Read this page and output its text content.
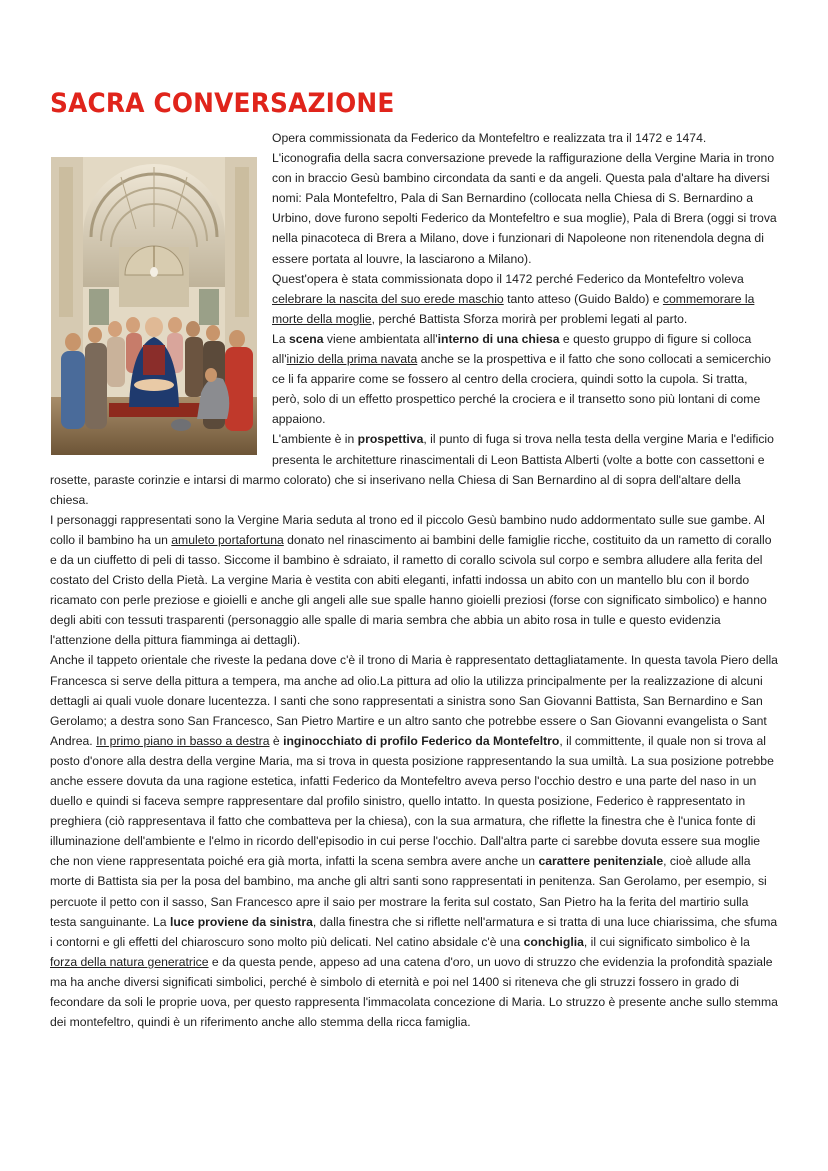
SACRA CONVERSAZIONE

Opera commissionata da Federico da Montefeltro e realizzata tra il 1472 e 1474. L'iconografia della sacra conversazione prevede la raffigurazione della Vergine Maria in trono con in braccio Gesù bambino circondata da santi e da angeli. Questa pala d'altare ha diversi nomi: Pala Montefeltro, Pala di San Bernardino (collocata nella Chiesa di S. Bernardino a Urbino, dove furono sepolti Federico da Montefeltro e sua moglie), Pala di Brera (oggi si trova nella pinacoteca di Brera a Milano, dove i funzionari di Napoleone non ritenendola degna di essere portata al louvre, la lasciarono a Milano).

Quest'opera è stata commissionata dopo il 1472 perché Federico da Montefeltro voleva celebrare la nascita del suo erede maschio tanto atteso (Guido Baldo) e commemorare la morte della moglie, perché Battista Sforza morirà per problemi legati al parto.

La scena viene ambientata all'interno di una chiesa e questo gruppo di figure si colloca all'inizio della prima navata anche se la prospettiva e il fatto che sono collocati a semicerchio ce li fa apparire come se fossero al centro della crociera, quindi sotto la cupola. Si tratta, però, solo di un effetto prospettico perché la crociera e il transetto sono più lontani di come appaiono.

L'ambiente è in prospettiva, il punto di fuga si trova nella testa della vergine Maria e l'edificio presenta le architetture rinascimentali di Leon Battista Alberti (volte a botte con cassettoni e rosette, paraste corinzie e intarsi di marmo colorato) che si inserivano nella Chiesa di San Bernardino al di sopra dell'altare della chiesa.

I personaggi rappresentati sono la Vergine Maria seduta al trono ed il piccolo Gesù bambino nudo addormentato sulle sue gambe. Al collo il bambino ha un amuleto portafortuna donato nel rinascimento ai bambini delle famiglie ricche, costituito da un rametto di corallo e da un ciuffetto di peli di tasso. Siccome il bambino è sdraiato, il rametto di corallo scivola sul corpo e sembra alludere alla ferita del costato del Cristo della Pietà. La vergine Maria è vestita con abiti eleganti, infatti indossa un abito con un mantello blu con il bordo ricamato con perle preziose e gioielli e anche gli angeli alle sue spalle hanno gioielli preziosi (forse con significato simbolico) e hanno degli abiti con tessuti trasparenti (personaggio alle spalle di maria sembra che abbia un abito rosa in tulle e questo evidenzia l'attenzione della pittura fiamminga ai dettagli).

Anche il tappeto orientale che riveste la pedana dove c'è il trono di Maria è rappresentato dettagliatamente. In questa tavola Piero della Francesca si serve della pittura a tempera, ma anche ad olio.La pittura ad olio la utilizza principalmente per la realizzazione di alcuni dettagli ai quali vuole donare lucentezza. I santi che sono rappresentati a sinistra sono San Giovanni Battista, San Bernardino e San Gerolamo; a destra sono San Francesco, San Pietro Martire e un altro santo che potrebbe essere o San Giovanni evangelista o Sant Andrea. In primo piano in basso a destra è inginocchiato di profilo Federico da Montefeltro, il committente, il quale non si trova al posto d'onore alla destra della vergine Maria, ma si trova in questa posizione rappresentando la sua umiltà. La sua posizione potrebbe anche essere dovuta da una ragione estetica, infatti Federico da Montefeltro aveva perso l'occhio destro e una parte del naso in un duello e quindi si faceva sempre rappresentare dal profilo sinistro, quello intatto. In questa posizione, Federico è rappresentato in preghiera (ciò rappresentava il fatto che combatteva per la chiesa), con la sua armatura, che riflette la finestra che è l'unica fonte di illuminazione dell'ambiente e l'elmo in ricordo dell'episodio in cui perse l'occhio. Dall'altra parte ci sarebbe dovuta essere sua moglie che non viene rappresentata poiché era già morta, infatti la scena sembra avere anche un carattere penitenziale, cioè allude alla morte di Battista sia per la posa del bambino, ma anche gli altri santi sono rappresentati in penitenza. San Gerolamo, per esempio, si percuote il petto con il sasso, San Francesco apre il saio per mostrare la ferita sul costato, San Pietro ha la ferita del martirio sulla testa sanguinante. La luce proviene da sinistra, dalla finestra che si riflette nell'armatura e si tratta di una luce chiarissima, che sfuma i contorni e gli effetti del chiaroscuro sono molto più delicati. Nel catino absidale c'è una conchiglia, il cui significato simbolico è la forza della natura generatrice e da questa pende, appeso ad una catena d'oro, un uovo di struzzo che evidenzia la profondità spaziale ma ha anche diversi significati simbolici, perché è simbolo di eternità e poi nel 1400 si riteneva che gli struzzi fossero in grado di fecondare da soli le proprie uova, per questo rappresenta l'immacolata concezione di Maria. Lo struzzo è presente anche sullo stemma dei montefeltro, quindi è un riferimento anche allo stemma della ricca famiglia.
